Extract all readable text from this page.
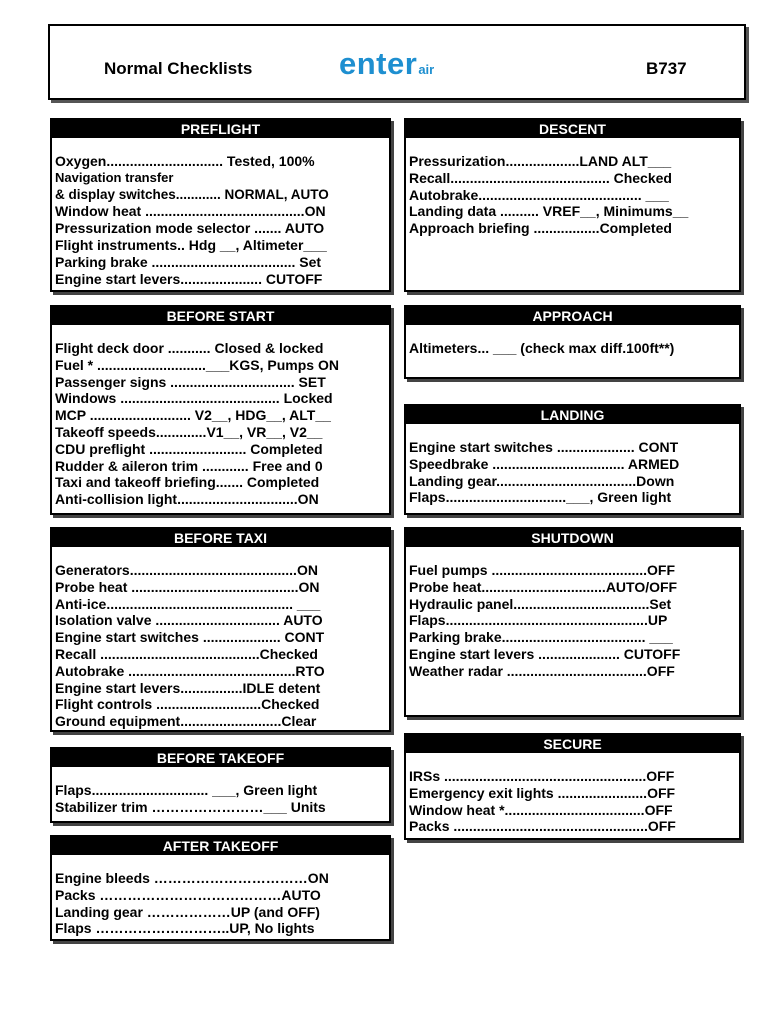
Normal Checklists	enterair	B737
PREFLIGHT
Oxygen.............................. Tested, 100%
Navigation transfer
& display switches............ NORMAL, AUTO
Window heat .........................................ON
Pressurization mode selector ....... AUTO
Flight instruments.. Hdg __, Altimeter___
Parking brake ..................................... Set
Engine start levers..................... CUTOFF
BEFORE START
Flight deck door ........... Closed & locked
Fuel * ............................___KGS, Pumps ON
Passenger signs ................................ SET
Windows ......................................... Locked
MCP .......................... V2__, HDG__, ALT__
Takeoff speeds.............V1__, VR__, V2__
CDU preflight ......................... Completed
Rudder & aileron trim ............ Free and 0
Taxi and takeoff briefing....... Completed
Anti-collision light...............................ON
BEFORE TAXI
Generators...........................................ON
Probe heat ...........................................ON
Anti-ice................................................ ___
Isolation valve ................................ AUTO
Engine start switches .................... CONT
Recall .........................................Checked
Autobrake ...........................................RTO
Engine start levers................IDLE detent
Flight controls ...........................Checked
Ground equipment..........................Clear
BEFORE TAKEOFF
Flaps.............................. ___, Green light
Stabilizer trim ……………………___ Units
AFTER TAKEOFF
Engine bleeds ……………………………ON
Packs …………………………………AUTO
Landing gear ………………UP (and OFF)
Flaps ………………………..UP, No lights
DESCENT
Pressurization...................LAND ALT___
Recall......................................... Checked
Autobrake.......................................... ___
Landing data .......... VREF__, Minimums__
Approach briefing .................Completed
APPROACH
Altimeters... ___ (check max diff.100ft**)
LANDING
Engine start switches .................... CONT
Speedbrake .................................. ARMED
Landing gear....................................Down
Flaps...............................___, Green light
SHUTDOWN
Fuel pumps ........................................OFF
Probe heat................................AUTO/OFF
Hydraulic panel...................................Set
Flaps....................................................UP
Parking brake..................................... ___
Engine start levers ..................... CUTOFF
Weather radar ....................................OFF
SECURE
IRSs ....................................................OFF
Emergency exit lights .......................OFF
Window heat *....................................OFF
Packs ..................................................OFF
